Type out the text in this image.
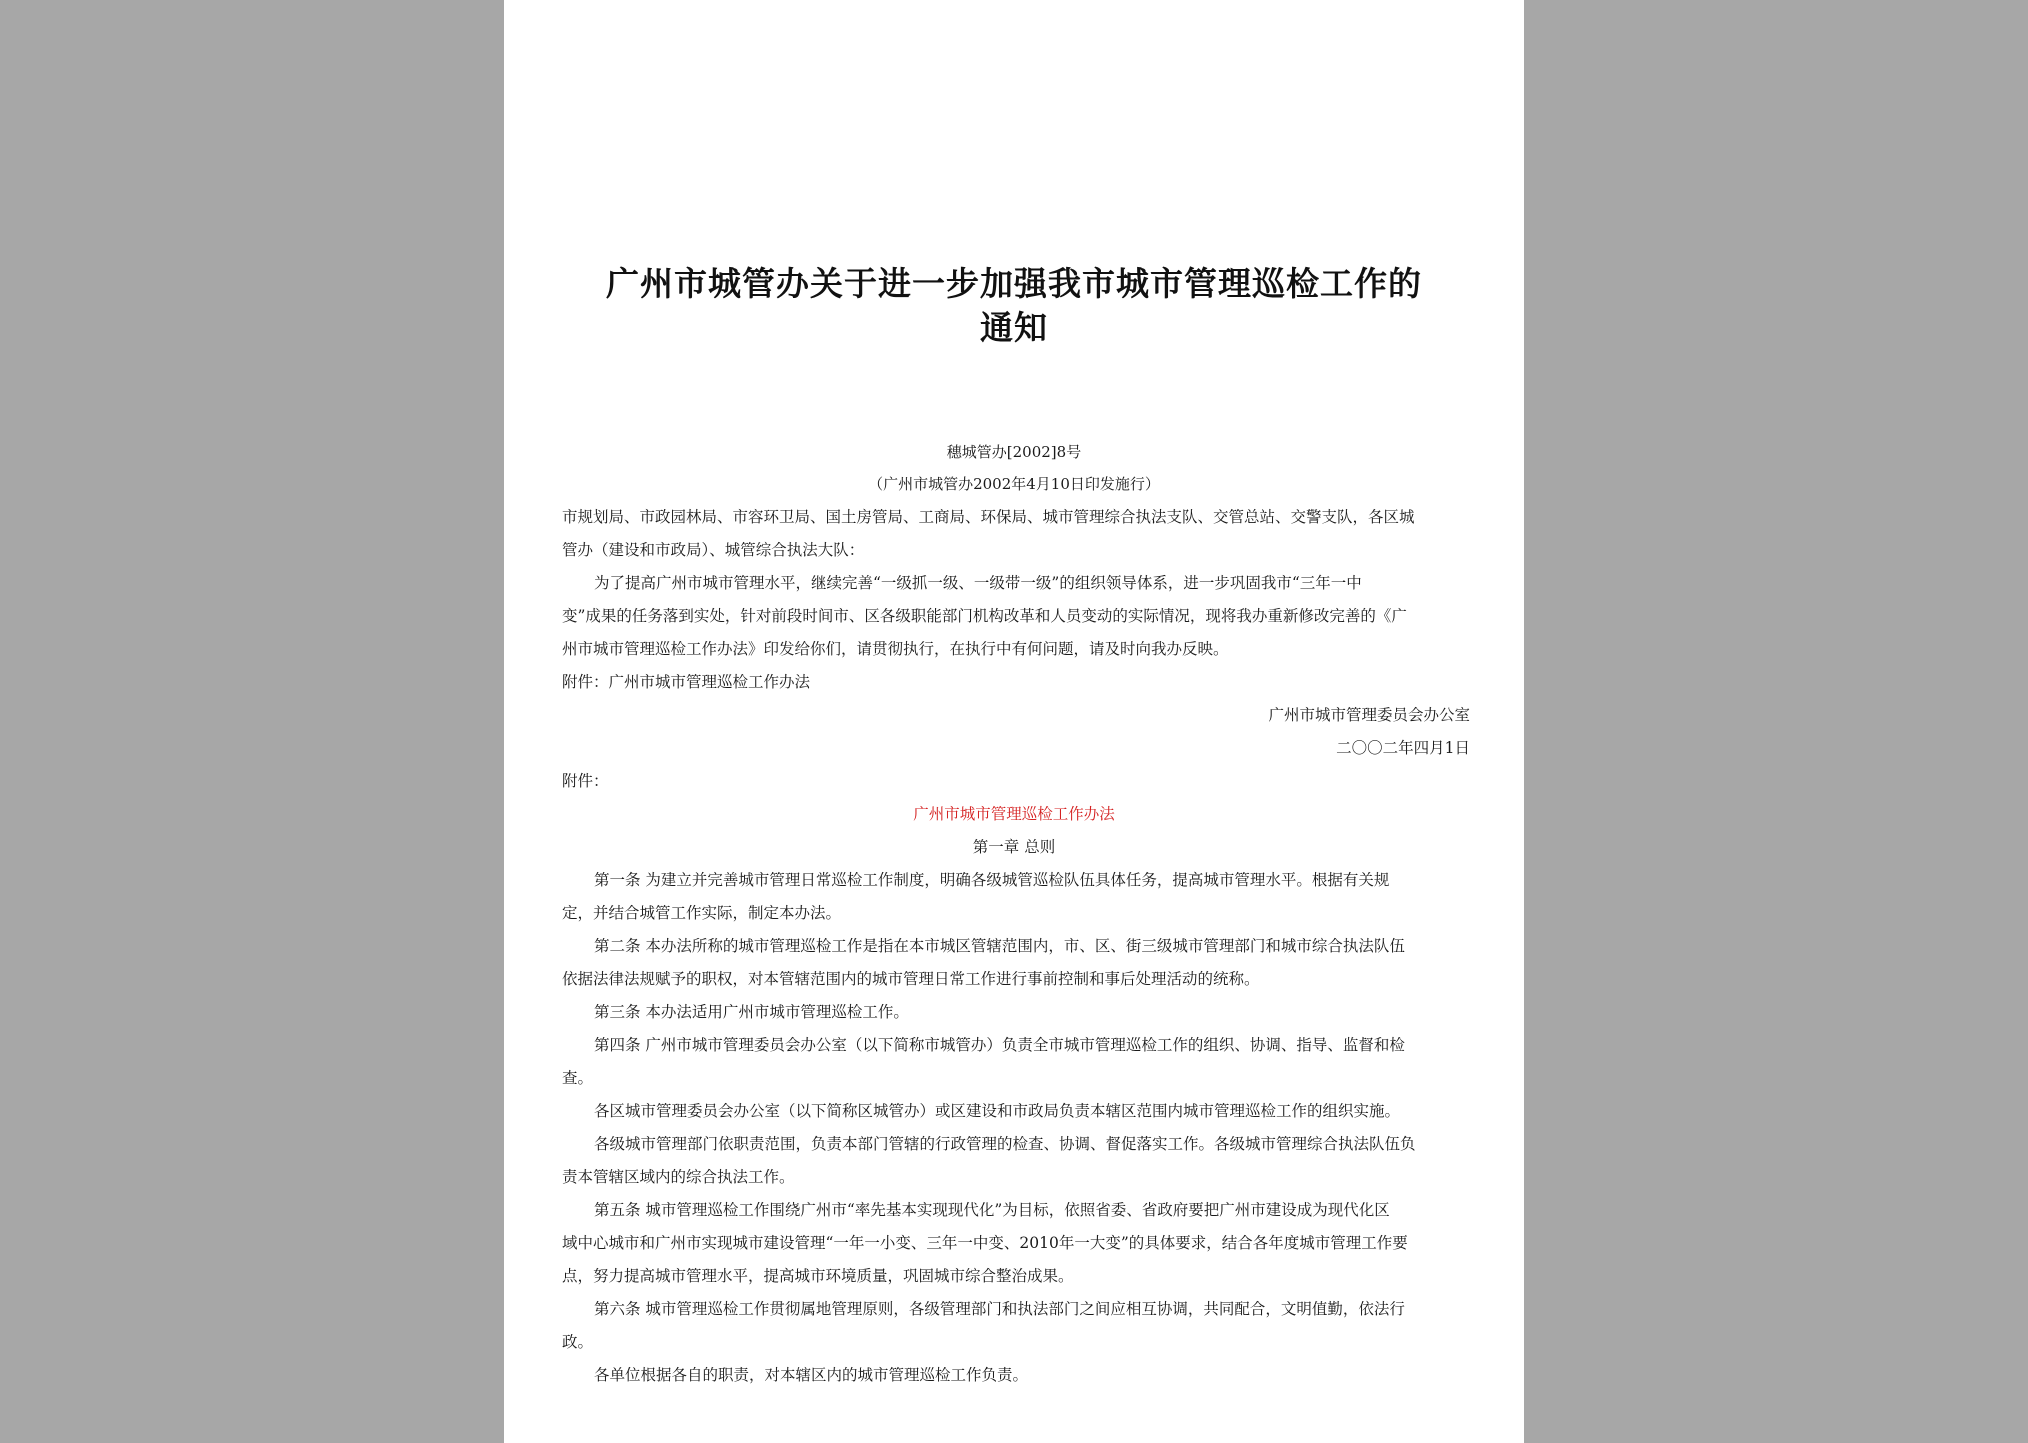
广州市城管办关于进一步加强我市城市管理巡检工作的
通知
穗城管办[2002]8号
（广州市城管办2002年4月10日印发施行）
市规划局、市政园林局、市容环卫局、国土房管局、工商局、环保局、城市管理综合执法支队、交管总站、交警支队，各区城
管办（建设和市政局）、城管综合执法大队：
为了提高广州市城市管理水平，继续完善“一级抓一级、一级带一级”的组织领导体系，进一步巩固我市“三年一中
变”成果的任务落到实处，针对前段时间市、区各级职能部门机构改革和人员变动的实际情况，现将我办重新修改完善的《广
州市城市管理巡检工作办法》印发给你们，请贯彻执行，在执行中有何问题，请及时向我办反映。
附件：广州市城市管理巡检工作办法
广州市城市管理委员会办公室
二〇〇二年四月1日
附件：
广州市城市管理巡检工作办法
第一章 总则
第一条 为建立并完善城市管理日常巡检工作制度，明确各级城管巡检队伍具体任务，提高城市管理水平。根据有关规
定，并结合城管工作实际，制定本办法。
第二条 本办法所称的城市管理巡检工作是指在本市城区管辖范围内，市、区、街三级城市管理部门和城市综合执法队伍
依据法律法规赋予的职权，对本管辖范围内的城市管理日常工作进行事前控制和事后处理活动的统称。
第三条 本办法适用广州市城市管理巡检工作。
第四条 广州市城市管理委员会办公室（以下简称市城管办）负责全市城市管理巡检工作的组织、协调、指导、监督和检
查。
各区城市管理委员会办公室（以下简称区城管办）或区建设和市政局负责本辖区范围内城市管理巡检工作的组织实施。
各级城市管理部门依职责范围，负责本部门管辖的行政管理的检查、协调、督促落实工作。各级城市管理综合执法队伍负
责本管辖区域内的综合执法工作。
第五条 城市管理巡检工作围绕广州市“率先基本实现现代化”为目标，依照省委、省政府要把广州市建设成为现代化区
域中心城市和广州市实现城市建设管理“一年一小变、三年一中变、2010年一大变”的具体要求，结合各年度城市管理工作要
点，努力提高城市管理水平，提高城市环境质量，巩固城市综合整治成果。
第六条 城市管理巡检工作贯彻属地管理原则，各级管理部门和执法部门之间应相互协调，共同配合，文明值勤，依法行
政。
各单位根据各自的职责，对本辖区内的城市管理巡检工作负责。
